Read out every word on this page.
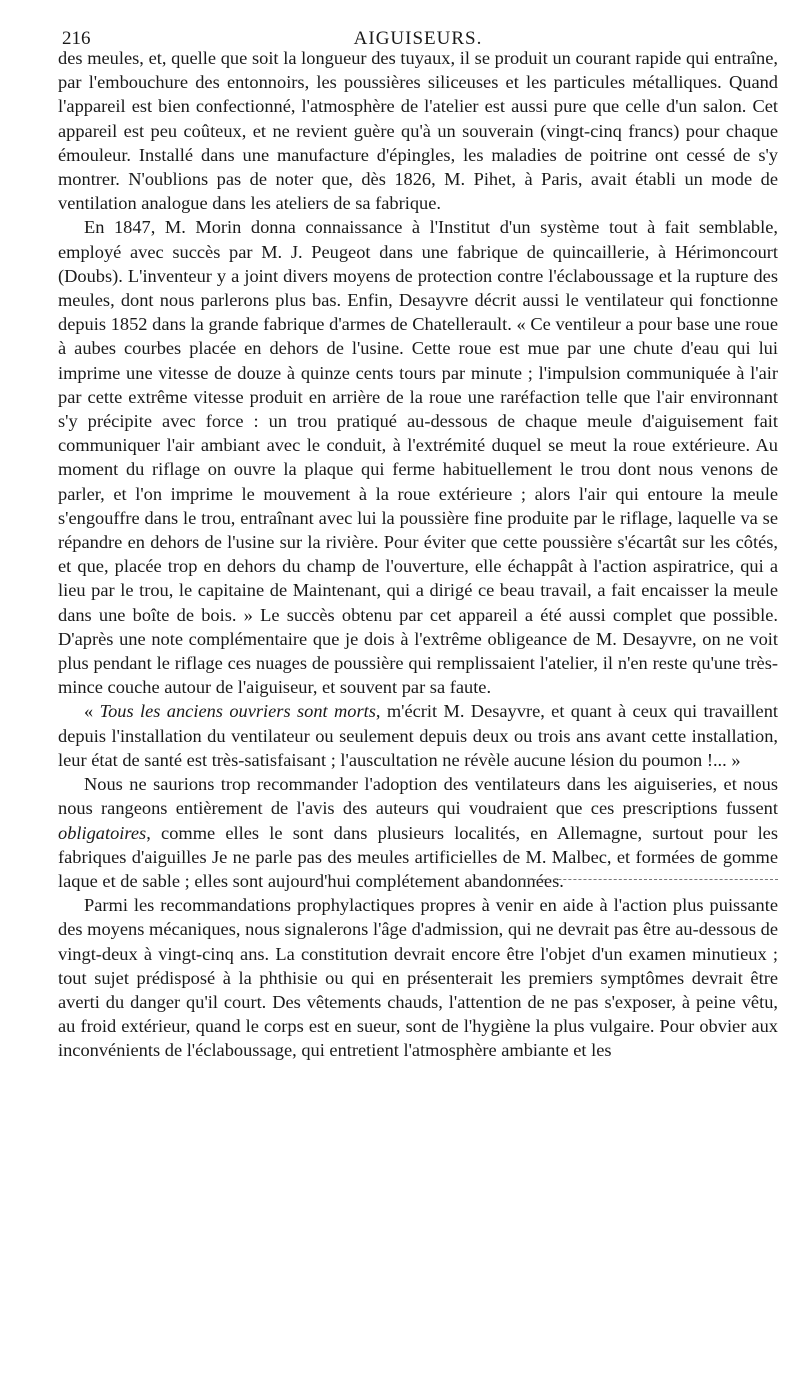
216	AIGUISEURS.

des meules, et, quelle que soit la longueur des tuyaux, il se produit un courant rapide qui entraîne, par l'embouchure des entonnoirs, les poussières siliceuses et les particules métalliques. Quand l'appareil est bien confectionné, l'atmosphère de l'atelier est aussi pure que celle d'un salon. Cet appareil est peu coûteux, et ne revient guère qu'à un souverain (vingt-cinq francs) pour chaque émouleur. Installé dans une manufacture d'épingles, les maladies de poitrine ont cessé de s'y montrer. N'oublions pas de noter que, dès 1826, M. Pihet, à Paris, avait établi un mode de ventilation analogue dans les ateliers de sa fabrique.

En 1847, M. Morin donna connaissance à l'Institut d'un système tout à fait semblable, employé avec succès par M. J. Peugeot dans une fabrique de quincaillerie, à Hérimoncourt (Doubs). L'inventeur y a joint divers moyens de protection contre l'éclaboussage et la rupture des meules, dont nous parlerons plus bas. Enfin, Desayvre décrit aussi le ventilateur qui fonctionne depuis 1852 dans la grande fabrique d'armes de Chatellerault. « Ce ventileur a pour base une roue à aubes courbes placée en dehors de l'usine. Cette roue est mue par une chute d'eau qui lui imprime une vitesse de douze à quinze cents tours par minute ; l'impulsion communiquée à l'air par cette extrême vitesse produit en arrière de la roue une raréfaction telle que l'air environnant s'y précipite avec force : un trou pratiqué au-dessous de chaque meule d'aiguisement fait communiquer l'air ambiant avec le conduit, à l'extrémité duquel se meut la roue extérieure. Au moment du riflage on ouvre la plaque qui ferme habituellement le trou dont nous venons de parler, et l'on imprime le mouvement à la roue extérieure ; alors l'air qui entoure la meule s'engouffre dans le trou, entraînant avec lui la poussière fine produite par le riflage, laquelle va se répandre en dehors de l'usine sur la rivière. Pour éviter que cette poussière s'écartât sur les côtés, et que, placée trop en dehors du champ de l'ouverture, elle échappât à l'action aspiratrice, qui a lieu par le trou, le capitaine de Maintenant, qui a dirigé ce beau travail, a fait encaisser la meule dans une boîte de bois. » Le succès obtenu par cet appareil a été aussi complet que possible. D'après une note complémentaire que je dois à l'extrême obligeance de M. Desayvre, on ne voit plus pendant le riflage ces nuages de poussière qui remplissaient l'atelier, il n'en reste qu'une très-mince couche autour de l'aiguiseur, et souvent par sa faute.

« Tous les anciens ouvriers sont morts, m'écrit M. Desayvre, et quant à ceux qui travaillent depuis l'installation du ventilateur ou seulement depuis deux ou trois ans avant cette installation, leur état de santé est très-satisfaisant ; l'auscultation ne révèle aucune lésion du poumon !... »

Nous ne saurions trop recommander l'adoption des ventilateurs dans les aiguiseries, et nous nous rangeons entièrement de l'avis des auteurs qui voudraient que ces prescriptions fussent obligatoires, comme elles le sont dans plusieurs localités, en Allemagne, surtout pour les fabriques d'aiguilles Je ne parle pas des meules artificielles de M. Malbec, et formées de gomme laque et de sable ; elles sont aujourd'hui complétement abandonnées.

Parmi les recommandations prophylactiques propres à venir en aide à l'action plus puissante des moyens mécaniques, nous signalerons l'âge d'admission, qui ne devrait pas être au-dessous de vingt-deux à vingt-cinq ans. La constitution devrait encore être l'objet d'un examen minutieux ; tout sujet prédisposé à la phthisie ou qui en présenterait les premiers symptômes devrait être averti du danger qu'il court. Des vêtements chauds, l'attention de ne pas s'exposer, à peine vêtu, au froid extérieur, quand le corps est en sueur, sont de l'hygiène la plus vulgaire. Pour obvier aux inconvénients de l'éclaboussage, qui entretient l'atmosphère ambiante et les
